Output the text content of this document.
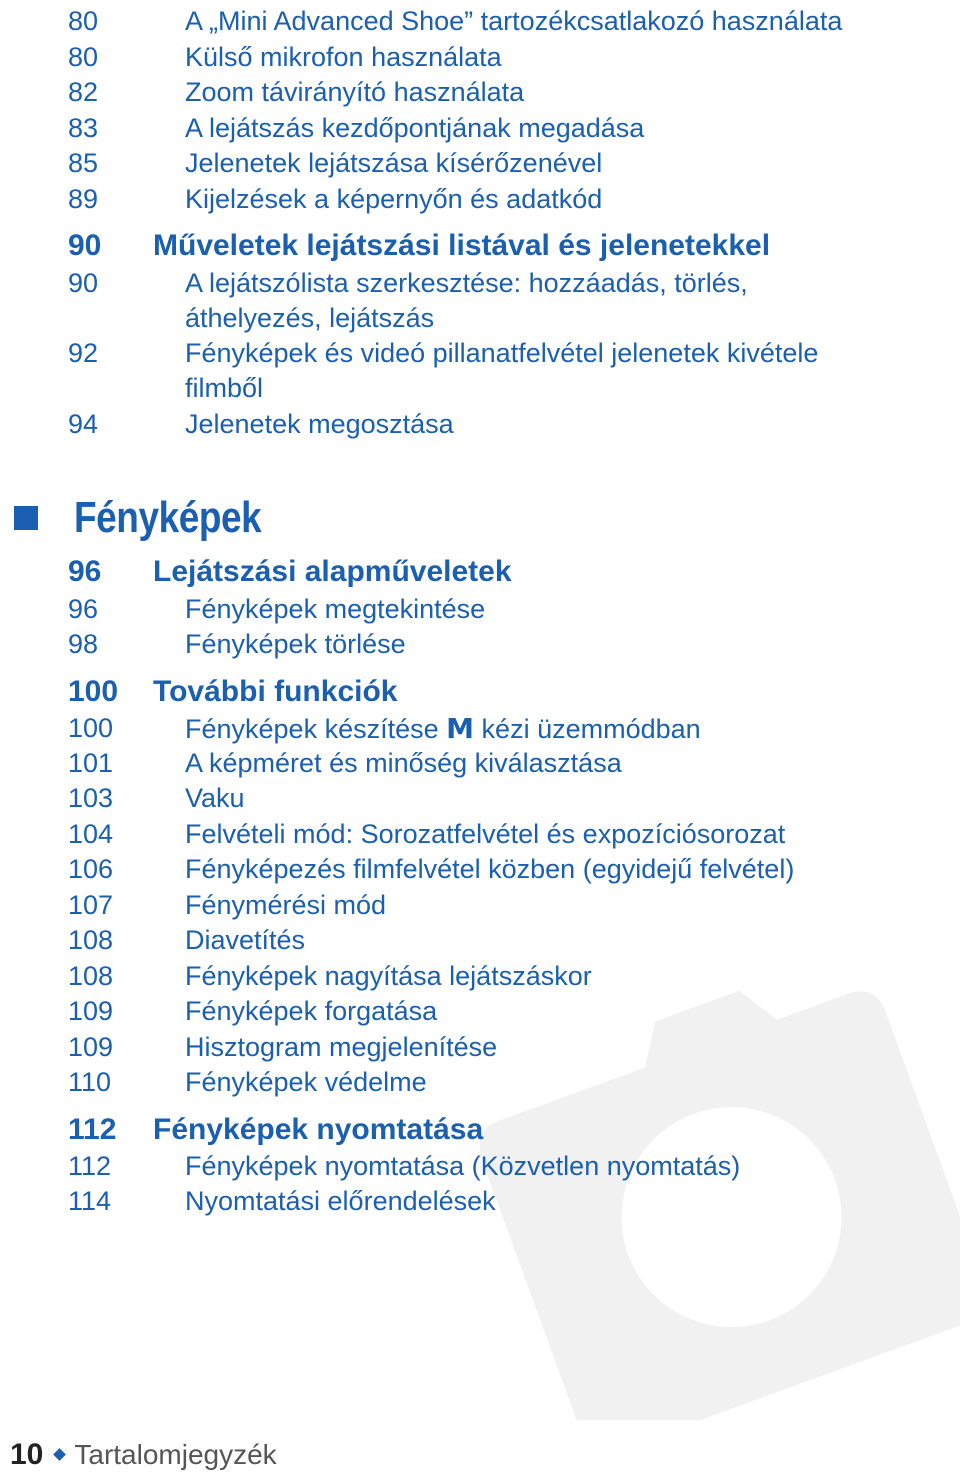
80	A „Mini Advanced Shoe” tartozékcsatlakozó használata
80	Külső mikrofon használata
82	Zoom távirányító használata
83	A lejátszás kezdőpontjának megadása
85	Jelenetek lejátszása kísérőzenével
89	Kijelzések a képernyőn és adatkód
90 Műveletek lejátszási listával és jelenetekkel
90	A lejátszólista szerkesztése: hozzáadás, törlés,
áthelyezés, lejátszás
92	Fényképek és videó pillanatfelvétel jelenetek kivétele
filmből
94	Jelenetek megosztása
Fényképek
96 Lejátszási alapműveletek
96	Fényképek megtekintése
98	Fényképek törlése
100 További funkciók
100	Fényképek készítése M kézi üzemmódban
101	A képméret és minőség kiválasztása
103	Vaku
104	Felvételi mód: Sorozatfelvétel és expozíciósorozat
106	Fényképezés filmfelvétel közben (egyidejű felvétel)
107	Fénymérési mód
108	Diavetítés
108	Fényképek nagyítása lejátszáskor
109	Fényképek forgatása
109	Hisztogram megjelenítése
110	Fényképek védelme
112 Fényképek nyomtatása
112	Fényképek nyomtatása (Közvetlen nyomtatás)
114	Nyomtatási előrendelések
10 Tartalomjegyzék
